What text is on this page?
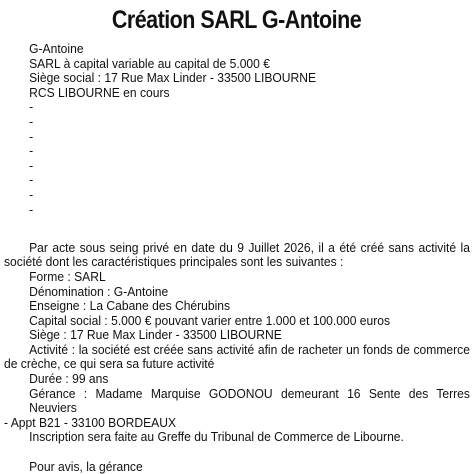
Création SARL G-Antoine
G-Antoine
SARL à capital variable au capital de 5.000 €
Siège social : 17 Rue Max Linder - 33500 LIBOURNE
RCS LIBOURNE en cours
-
-
-
-
-
-
-
-
Par acte sous seing privé en date du 9 Juillet 2026, il a été créé sans activité la
société dont les caractéristiques principales sont les suivantes :
Forme : SARL
Dénomination : G-Antoine
Enseigne : La Cabane des Chérubins
Capital social : 5.000 € pouvant varier entre 1.000 et 100.000 euros
Siège : 17 Rue Max Linder - 33500 LIBOURNE
Activité : la société est créée sans activité afin de racheter un fonds de commerce
de crèche, ce qui sera sa future activité
Durée : 99 ans
Gérance : Madame Marquise GODONOU demeurant 16 Sente des Terres Neuviers
- Appt B21 - 33100 BORDEAUX
Inscription sera faite au Greffe du Tribunal de Commerce de Libourne.
Pour avis, la gérance
